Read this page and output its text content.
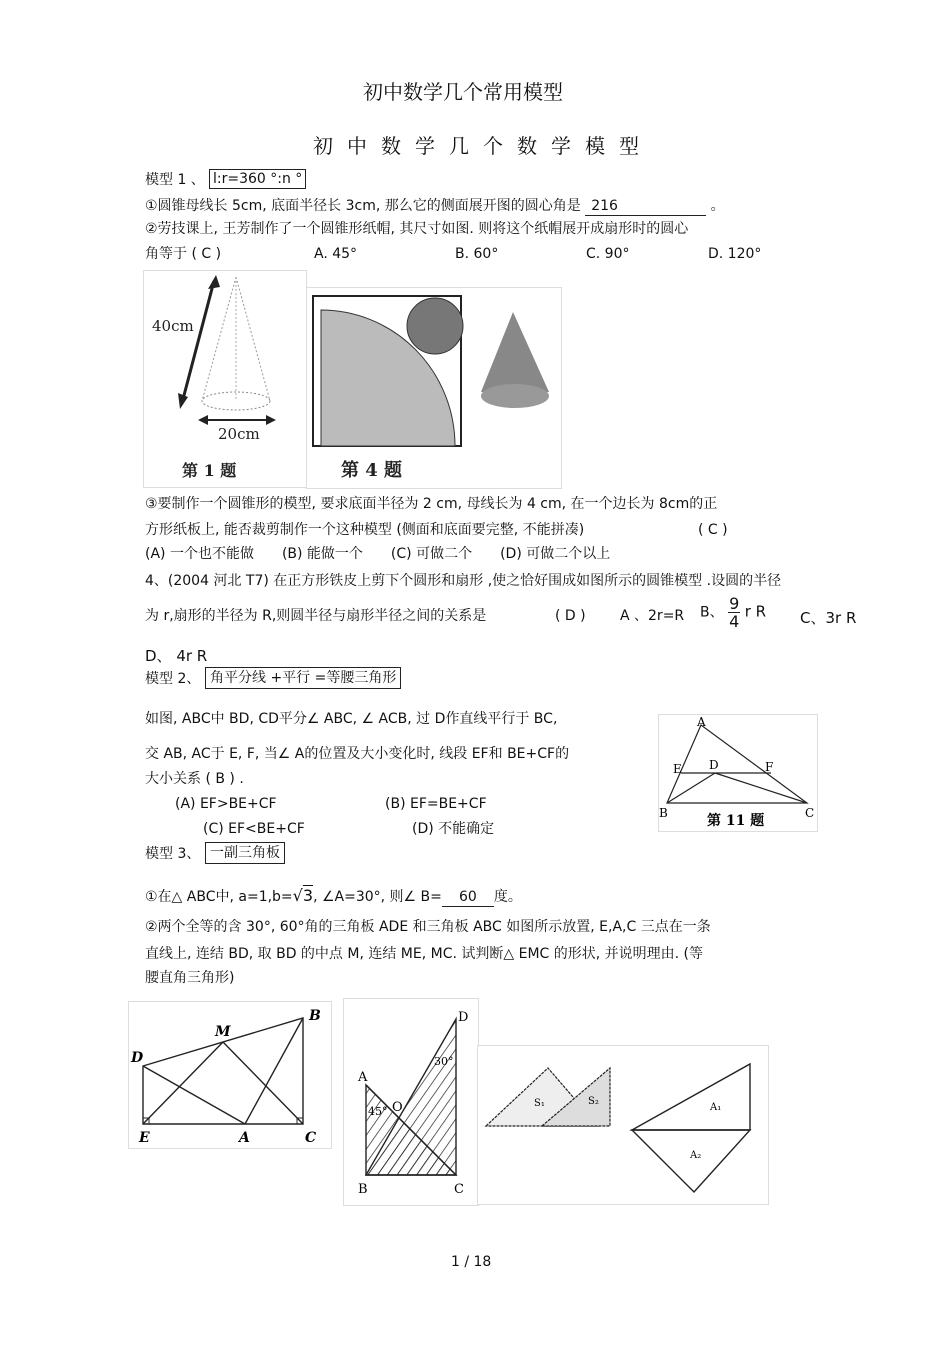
初中数学几个常用模型
初中数学几个数学模型
模型 1 、 l:r=360 °:n °
①圆锥母线长 5cm, 底面半径长 3cm, 那么它的侧面展开图的圆心角是 216	。
②劳技课上, 王芳制作了一个圆锥形纸帽, 其尺寸如图. 则将这个纸帽展开成扇形时的圆心
角等于 ( C )	A. 45°	B. 60°	C. 90°	D. 120°
40cm
20cm
第 1 题	第 4 题
③要制作一个圆锥形的模型, 要求底面半径为 2 cm, 母线长为 4 cm, 在一个边长为 8cm的正
方形纸板上, 能否裁剪制作一个这种模型 (侧面和底面要完整, 不能拼凑)	( C )
(A) 一个也不能做　　(B) 能做一个　　(C) 可做二个　　(D) 可做二个以上
4、(2004 河北 T7) 在正方形铁皮上剪下个圆形和扇形 ,使之恰好围成如图所示的圆锥模型 .设圆的半径
为 r,扇形的半径为 R,则圆半径与扇形半径之间的关系是	( D ) A 、2r=R B、 $\frac{9}{4}$ r R C、3r R
D、 4r R
模型 2、 角平分线 +平行 =等腰三角形
如图, ABC中 BD, CD平分∠ ABC, ∠ ACB, 过 D作直线平行于 BC,
交 AB, AC于 E, F, 当∠ A的位置及大小变化时, 线段 EF和 BE+CF的
大小关系 ( B ) .
(A) EF>BE+CF	(B) EF=BE+CF
(C) EF<BE+CF	(D) 不能确定
A
B	C
D
E	F
第 11 题
模型 3、 一副三角板
①在△ ABC中, a=1,b=√3, ∠A=30°, 则∠ B= 60 度。
②两个全等的含 30°, 60°角的三角板 ADE 和三角板 ABC 如图所示放置, E,A,C 三点在一条
直线上, 连结 BD, 取 BD 的中点 M, 连结 ME, MC. 试判断△ EMC 的形状, 并说明理由. (等
腰直角三角形)
D
M
B
E	A	C
D
A
O
B	C
30°
45°
S₁	S₂
A₁
A₂
1 / 18
